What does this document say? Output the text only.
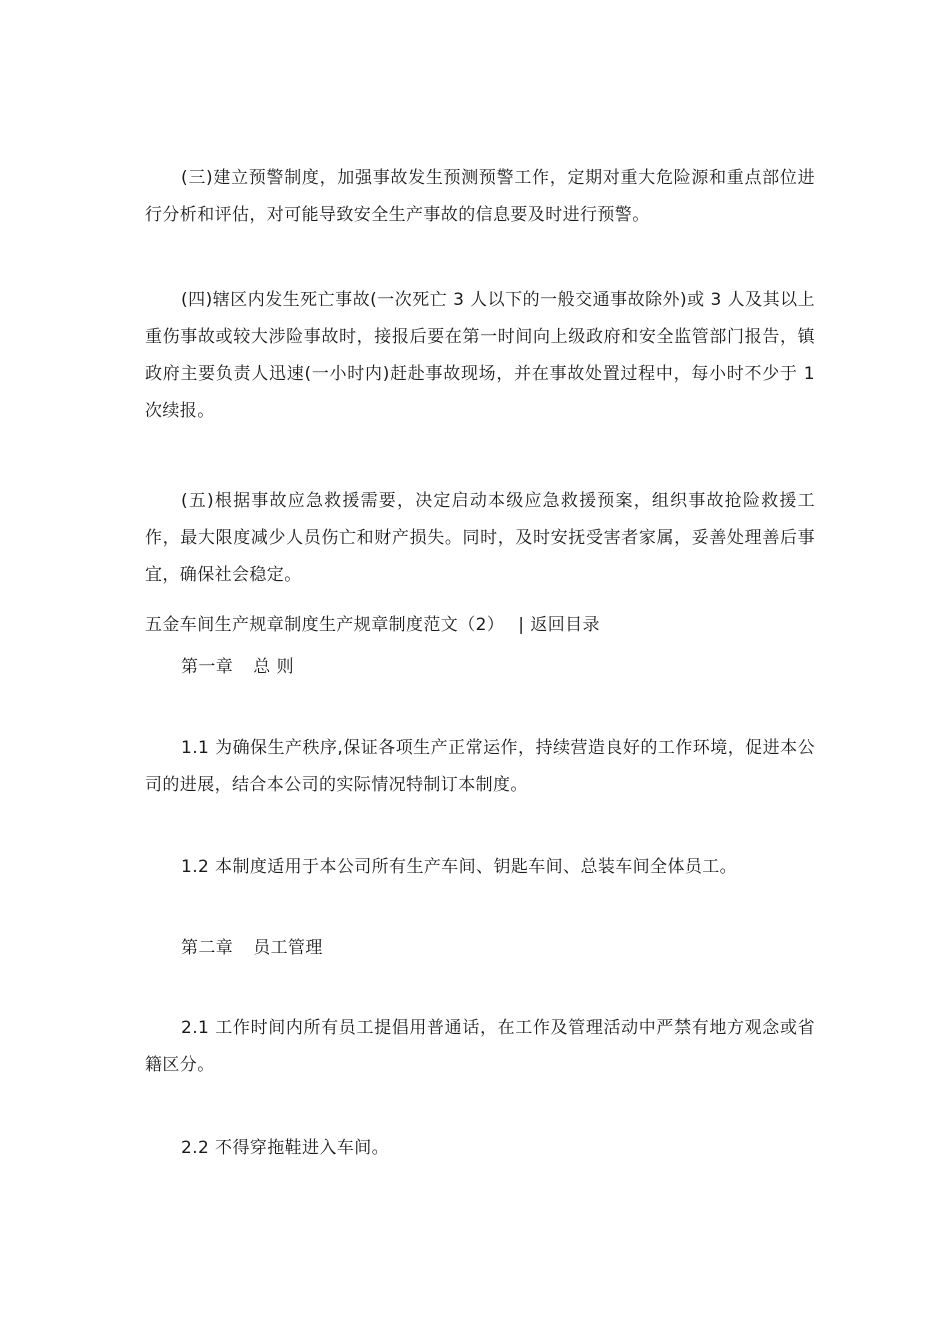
(三)建立预警制度，加强事故发生预测预警工作，定期对重大危险源和重点部位进行分析和评估，对可能导致安全生产事故的信息要及时进行预警。

(四)辖区内发生死亡事故(一次死亡 3 人以下的一般交通事故除外)或 3 人及其以上重伤事故或较大涉险事故时，接报后要在第一时间向上级政府和安全监管部门报告，镇政府主要负责人迅速(一小时内)赶赴事故现场，并在事故处置过程中，每小时不少于 1 次续报。

(五)根据事故应急救援需要，决定启动本级应急救援预案，组织事故抢险救援工作，最大限度减少人员伤亡和财产损失。同时，及时安抚受害者家属，妥善处理善后事宜，确保社会稳定。

五金车间生产规章制度生产规章制度范文（2） | 返回目录

第一章 总 则

1.1 为确保生产秩序,保证各项生产正常运作，持续营造良好的工作环境，促进本公司的进展，结合本公司的实际情况特制订本制度。

1.2 本制度适用于本公司所有生产车间、钥匙车间、总装车间全体员工。

第二章 员工管理

2.1 工作时间内所有员工提倡用普通话，在工作及管理活动中严禁有地方观念或省籍区分。

2.2 不得穿拖鞋进入车间。
